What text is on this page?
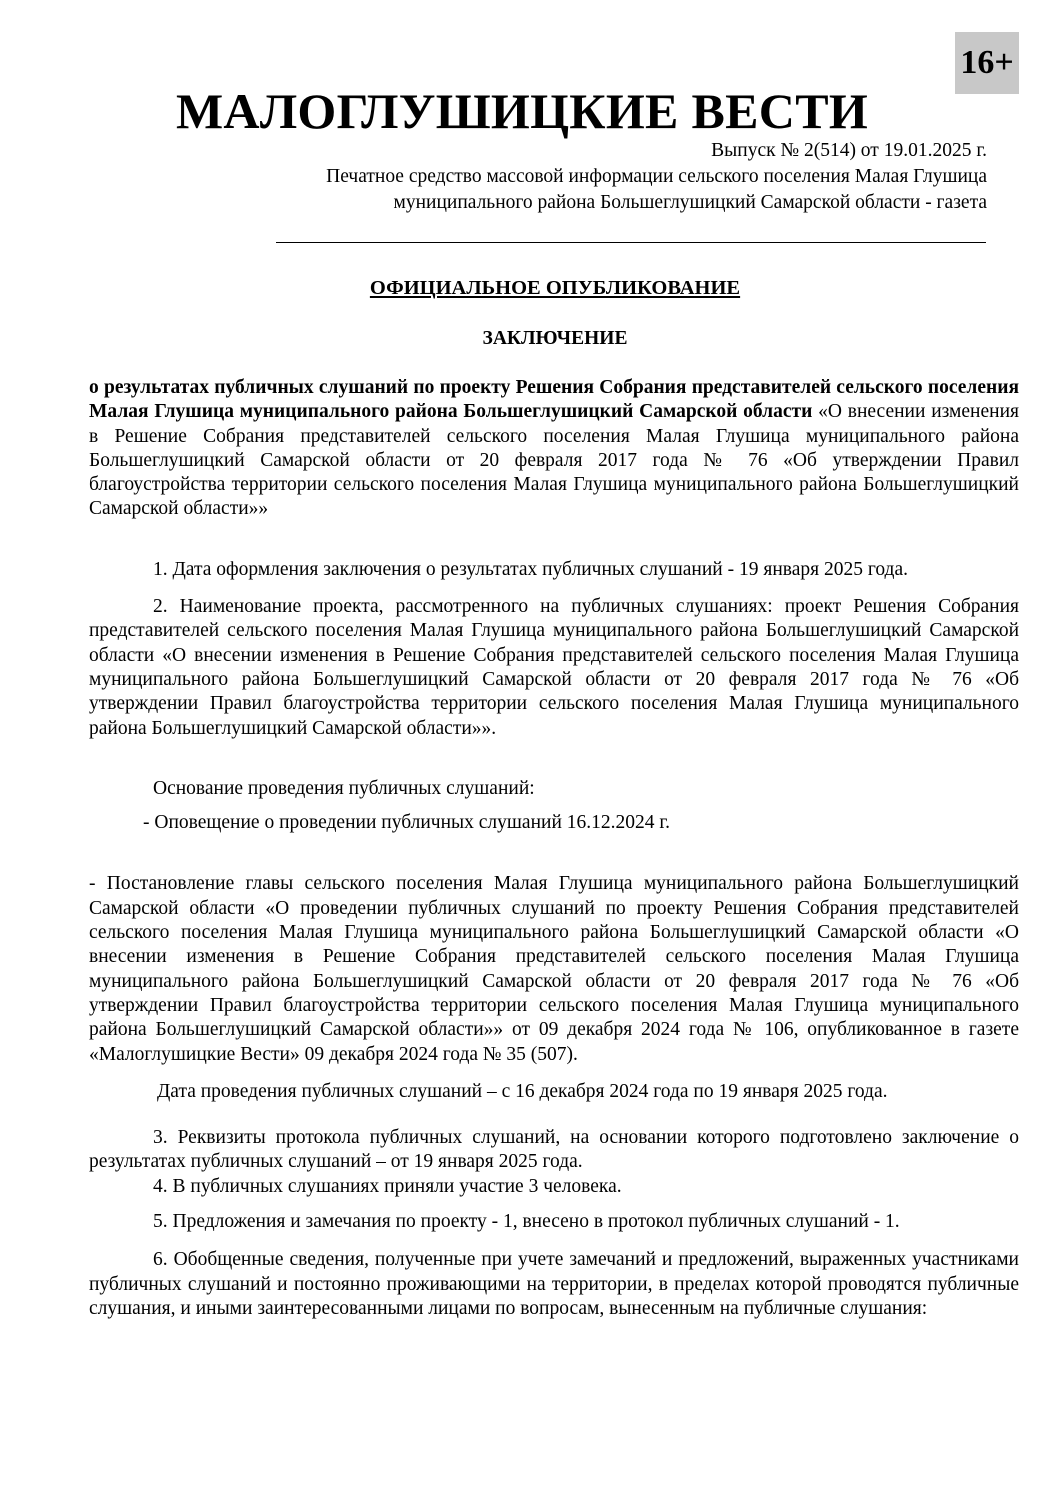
16+
МАЛОГЛУШИЦКИЕ ВЕСТИ
Выпуск № 2(514) от 19.01.2025 г.
Печатное средство массовой информации сельского поселения Малая Глушица
муниципального района Большеглушицкий Самарской области - газета
ОФИЦИАЛЬНОЕ ОПУБЛИКОВАНИЕ
ЗАКЛЮЧЕНИЕ

о результатах публичных слушаний по проекту Решения Собрания представителей сельского поселения Малая Глушица муниципального района Большеглушицкий Самарской области «О внесении изменения в Решение Собрания представителей сельского поселения Малая Глушица муниципального района Большеглушицкий Самарской области от 20 февраля 2017 года № 76 «Об утверждении Правил благоустройства территории сельского поселения Малая Глушица муниципального района Большеглушицкий Самарской области»»

1. Дата оформления заключения о результатах публичных слушаний - 19 января 2025 года.

2. Наименование проекта, рассмотренного на публичных слушаниях: проект Решения Собрания представителей сельского поселения Малая Глушица муниципального района Большеглушицкий Самарской области «О внесении изменения в Решение Собрания представителей сельского поселения Малая Глушица муниципального района Большеглушицкий Самарской области от 20 февраля 2017 года № 76 «Об утверждении Правил благоустройства территории сельского поселения Малая Глушица муниципального района Большеглушицкий Самарской области»».

Основание проведения публичных слушаний:

- Оповещение о проведении публичных слушаний 16.12.2024 г.

- Постановление главы сельского поселения Малая Глушица муниципального района Большеглушицкий Самарской области «О проведении публичных слушаний по проекту Решения Собрания представителей сельского поселения Малая Глушица муниципального района Большеглушицкий Самарской области «О внесении изменения в Решение Собрания представителей сельского поселения Малая Глушица муниципального района Большеглушицкий Самарской области от 20 февраля 2017 года № 76 «Об утверждении Правил благоустройства территории сельского поселения Малая Глушица муниципального района Большеглушицкий Самарской области»» от 09 декабря 2024 года № 106, опубликованное в газете «Малоглушицкие Вести» 09 декабря 2024 года № 35 (507).

Дата проведения публичных слушаний – с 16 декабря 2024 года по 19 января 2025 года.

3. Реквизиты протокола публичных слушаний, на основании которого подготовлено заключение о результатах публичных слушаний – от 19 января 2025 года.

4. В публичных слушаниях приняли участие 3 человека.

5. Предложения и замечания по проекту - 1, внесено в протокол публичных слушаний - 1.

6. Обобщенные сведения, полученные при учете замечаний и предложений, выраженных участниками публичных слушаний и постоянно проживающими на территории, в пределах которой проводятся публичные слушания, и иными заинтересованными лицами по вопросам, вынесенным на публичные слушания:
